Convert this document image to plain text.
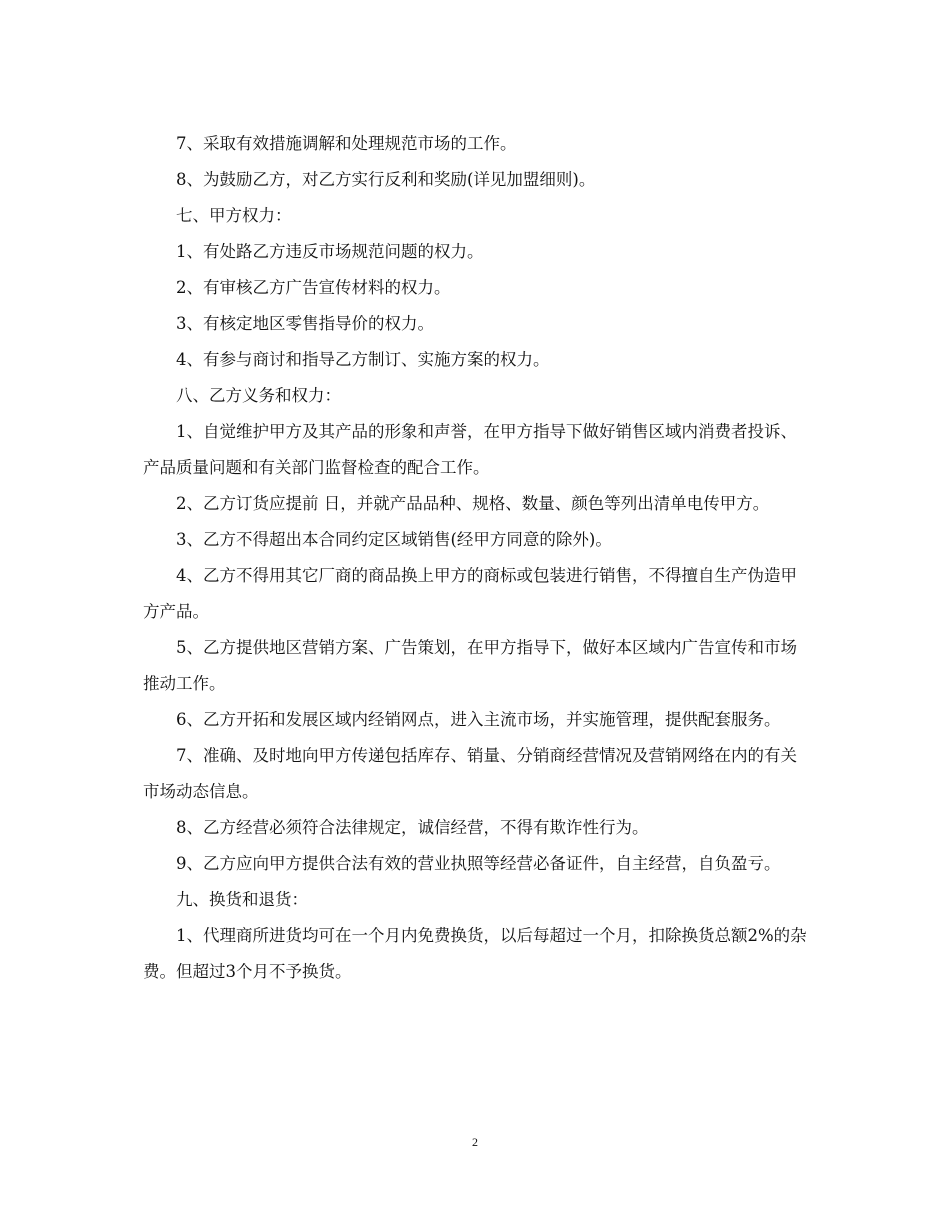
7、采取有效措施调解和处理规范市场的工作。

8、为鼓励乙方，对乙方实行反利和奖励(详见加盟细则)。

七、甲方权力：

1、有处路乙方违反市场规范问题的权力。

2、有审核乙方广告宣传材料的权力。

3、有核定地区零售指导价的权力。

4、有参与商讨和指导乙方制订、实施方案的权力。

八、乙方义务和权力：

1、自觉维护甲方及其产品的形象和声誉，在甲方指导下做好销售区域内消费者投诉、产品质量问题和有关部门监督检查的配合工作。

2、乙方订货应提前 日，并就产品品种、规格、数量、颜色等列出清单电传甲方。

3、乙方不得超出本合同约定区域销售(经甲方同意的除外)。

4、乙方不得用其它厂商的商品换上甲方的商标或包装进行销售，不得擅自生产伪造甲方产品。

5、乙方提供地区营销方案、广告策划，在甲方指导下，做好本区域内广告宣传和市场推动工作。

6、乙方开拓和发展区域内经销网点，进入主流市场，并实施管理，提供配套服务。

7、准确、及时地向甲方传递包括库存、销量、分销商经营情况及营销网络在内的有关市场动态信息。

8、乙方经营必须符合法律规定，诚信经营，不得有欺诈性行为。

9、乙方应向甲方提供合法有效的营业执照等经营必备证件，自主经营，自负盈亏。

九、换货和退货：

1、代理商所进货均可在一个月内免费换货，以后每超过一个月，扣除换货总额2%的杂费。但超过3个月不予换货。

2
